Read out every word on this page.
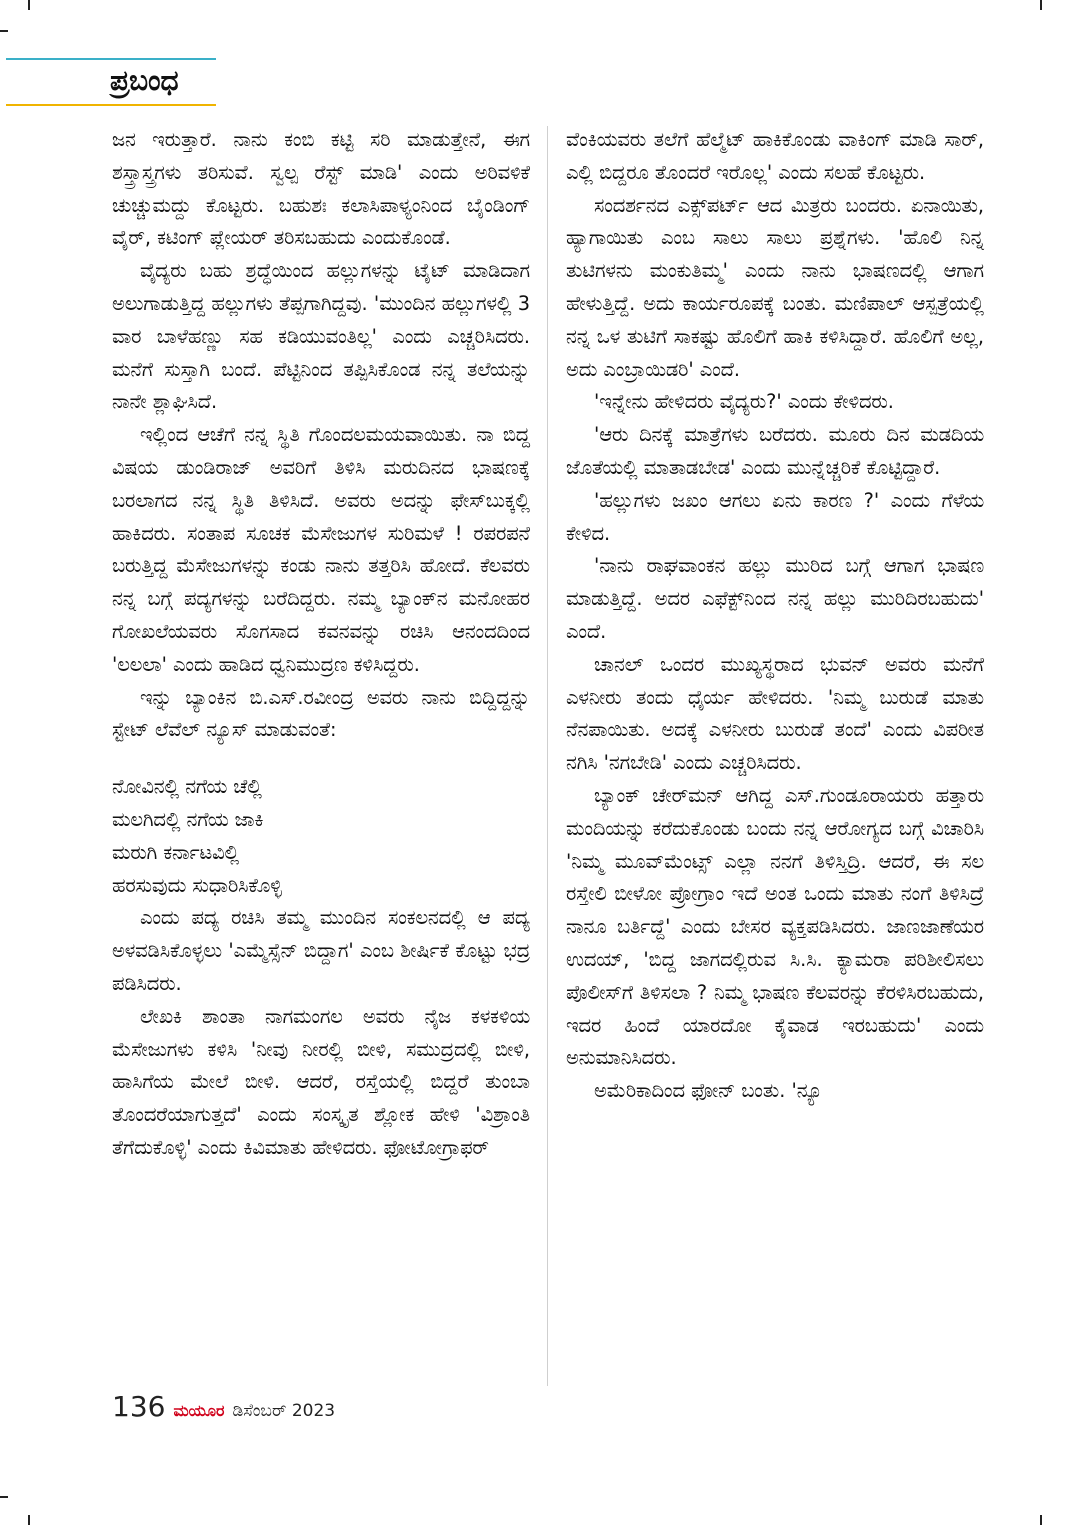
ಪ್ರಬಂಧ

ಜನ ಇರುತ್ತಾರೆ. ನಾನು ಕಂಬಿ ಕಟ್ಟಿ ಸರಿ ಮಾಡುತ್ತೇನೆ, ಈಗ ಶಸ್ತ್ರಾಸ್ತ್ರಗಳು ತರಿಸುವೆ. ಸ್ವಲ್ಪ ರೆಸ್ಟ್ ಮಾಡಿ' ಎಂದು ಅರಿವಳಿಕೆ ಚುಚ್ಚುಮದ್ದು ಕೊಟ್ಟರು. ಬಹುಶಃ ಕಲಾಸಿಪಾಳ್ಯಂನಿಂದ ಬೈಂಡಿಂಗ್ ವೈರ್, ಕಟಿಂಗ್ ಪ್ಲೇಯರ್ ತರಿಸಬಹುದು ಎಂದುಕೊಂಡೆ.

ವೈದ್ಯರು ಬಹು ಶ್ರದ್ಧೆಯಿಂದ ಹಲ್ಲುಗಳನ್ನು ಟೈಟ್ ಮಾಡಿದಾಗ ಅಲುಗಾಡುತ್ತಿದ್ದ ಹಲ್ಲುಗಳು ತೆಪ್ಪಗಾಗಿದ್ದವು. 'ಮುಂದಿನ ಹಲ್ಲುಗಳಲ್ಲಿ 3 ವಾರ ಬಾಳೆಹಣ್ಣು ಸಹ ಕಡಿಯುವಂತಿಲ್ಲ' ಎಂದು ಎಚ್ಚರಿಸಿದರು. ಮನೆಗೆ ಸುಸ್ತಾಗಿ ಬಂದೆ. ಪೆಟ್ಟಿನಿಂದ ತಪ್ಪಿಸಿಕೊಂಡ ನನ್ನ ತಲೆಯನ್ನು ನಾನೇ ಶ್ಲಾಘಿಸಿದೆ.

ಇಲ್ಲಿಂದ ಆಚೆಗೆ ನನ್ನ ಸ್ಥಿತಿ ಗೊಂದಲಮಯವಾಯಿತು. ನಾ ಬಿದ್ದ ವಿಷಯ ಡುಂಡಿರಾಜ್ ಅವರಿಗೆ ತಿಳಿಸಿ ಮರುದಿನದ ಭಾಷಣಕ್ಕೆ ಬರಲಾಗದ ನನ್ನ ಸ್ಥಿತಿ ತಿಳಿಸಿದೆ. ಅವರು ಅದನ್ನು ಫೇಸ್‌ಬುಕ್ಕಲ್ಲಿ ಹಾಕಿದರು. ಸಂತಾಪ ಸೂಚಕ ಮೆಸೇಜುಗಳ ಸುರಿಮಳೆ ! ರಪರಪನೆ ಬರುತ್ತಿದ್ದ ಮೆಸೇಜುಗಳನ್ನು ಕಂಡು ನಾನು ತತ್ತರಿಸಿ ಹೋದೆ. ಕೆಲವರು ನನ್ನ ಬಗ್ಗೆ ಪದ್ಯಗಳನ್ನು ಬರೆದಿದ್ದರು. ನಮ್ಮ ಬ್ಯಾಂಕ್‌ನ ಮನೋಹರ ಗೋಖಲೆಯವರು ಸೊಗಸಾದ ಕವನವನ್ನು ರಚಿಸಿ ಆನಂದದಿಂದ 'ಲಲಲಾ' ಎಂದು ಹಾಡಿದ ಧ್ವನಿಮುದ್ರಣ ಕಳಿಸಿದ್ದರು.

ಇನ್ನು ಬ್ಯಾಂಕಿನ ಬಿ.ಎಸ್.ರವೀಂದ್ರ ಅವರು ನಾನು ಬಿದ್ದಿದ್ದನ್ನು ಸ್ಟೇಟ್ ಲೆವೆಲ್ ನ್ಯೂಸ್ ಮಾಡುವಂತೆ:

ನೋವಿನಲ್ಲಿ ನಗೆಯ ಚೆಲ್ಲಿ
ಮಲಗಿದಲ್ಲಿ ನಗೆಯ ಜಾಕಿ
ಮರುಗಿ ಕರ್ನಾಟವಿಲ್ಲಿ
ಹರಸುವುದು ಸುಧಾರಿಸಿಕೊಳ್ಳಿ

ಎಂದು ಪದ್ಯ ರಚಿಸಿ ತಮ್ಮ ಮುಂದಿನ ಸಂಕಲನದಲ್ಲಿ ಆ ಪದ್ಯ ಅಳವಡಿಸಿಕೊಳ್ಳಲು 'ಎಮ್ಮೆಸ್ಸೆನ್ ಬಿದ್ದಾಗ' ಎಂಬ ಶೀರ್ಷಿಕೆ ಕೊಟ್ಟು ಭದ್ರ ಪಡಿಸಿದರು.

ಲೇಖಕಿ ಶಾಂತಾ ನಾಗಮಂಗಲ ಅವರು ನೈಜ ಕಳಕಳಿಯ ಮೆಸೇಜುಗಳು ಕಳಿಸಿ 'ನೀವು ನೀರಲ್ಲಿ ಬೀಳಿ, ಸಮುದ್ರದಲ್ಲಿ ಬೀಳಿ, ಹಾಸಿಗೆಯ ಮೇಲೆ ಬೀಳಿ. ಆದರೆ, ರಸ್ತೆಯಲ್ಲಿ ಬಿದ್ದರೆ ತುಂಬಾ ತೊಂದರೆಯಾಗುತ್ತದೆ' ಎಂದು ಸಂಸ್ಕೃತ ಶ್ಲೋಕ ಹೇಳಿ 'ವಿಶ್ರಾಂತಿ ತೆಗೆದುಕೊಳ್ಳಿ' ಎಂದು ಕಿವಿಮಾತು ಹೇಳಿದರು. ಫೋಟೋಗ್ರಾಫರ್

ವೆಂಕಿಯವರು ತಲೆಗೆ ಹೆಲ್ಮೆಟ್ ಹಾಕಿಕೊಂಡು ವಾಕಿಂಗ್ ಮಾಡಿ ಸಾರ್, ಎಲ್ಲಿ ಬಿದ್ದರೂ ತೊಂದರೆ ಇರೊಲ್ಲ' ಎಂದು ಸಲಹೆ ಕೊಟ್ಟರು.

ಸಂದರ್ಶನದ ಎಕ್ಸ್‌ಪರ್ಟ್ ಆದ ಮಿತ್ರರು ಬಂದರು. ಏನಾಯಿತು, ಹ್ಯಾಗಾಯಿತು ಎಂಬ ಸಾಲು ಸಾಲು ಪ್ರಶ್ನೆಗಳು. 'ಹೊಲಿ ನಿನ್ನ ತುಟಿಗಳನು ಮಂಕುತಿಮ್ಮ' ಎಂದು ನಾನು ಭಾಷಣದಲ್ಲಿ ಆಗಾಗ ಹೇಳುತ್ತಿದ್ದೆ. ಅದು ಕಾರ್ಯರೂಪಕ್ಕೆ ಬಂತು. ಮಣಿಪಾಲ್ ಆಸ್ಪತ್ರೆಯಲ್ಲಿ ನನ್ನ ಒಳ ತುಟಿಗೆ ಸಾಕಷ್ಟು ಹೊಲಿಗೆ ಹಾಕಿ ಕಳಿಸಿದ್ದಾರೆ. ಹೊಲಿಗೆ ಅಲ್ಲ, ಅದು ಎಂಬ್ರಾಯಿಡರಿ' ಎಂದೆ.

'ಇನ್ನೇನು ಹೇಳಿದರು ವೈದ್ಯರು?' ಎಂದು ಕೇಳಿದರು.

'ಆರು ದಿನಕ್ಕೆ ಮಾತ್ರೆಗಳು ಬರೆದರು. ಮೂರು ದಿನ ಮಡದಿಯ ಜೊತೆಯಲ್ಲಿ ಮಾತಾಡಬೇಡ' ಎಂದು ಮುನ್ನೆಚ್ಚರಿಕೆ ಕೊಟ್ಟಿದ್ದಾರೆ.

'ಹಲ್ಲುಗಳು ಜಖಂ ಆಗಲು ಏನು ಕಾರಣ ?' ಎಂದು ಗೆಳೆಯ ಕೇಳಿದ.

'ನಾನು ರಾಘವಾಂಕನ ಹಲ್ಲು ಮುರಿದ ಬಗ್ಗೆ ಆಗಾಗ ಭಾಷಣ ಮಾಡುತ್ತಿದ್ದೆ. ಅದರ ಎಫೆಕ್ಟ್‌ನಿಂದ ನನ್ನ ಹಲ್ಲು ಮುರಿದಿರಬಹುದು' ಎಂದೆ.

ಚಾನಲ್ ಒಂದರ ಮುಖ್ಯಸ್ಥರಾದ ಭುವನ್ ಅವರು ಮನೆಗೆ ಎಳನೀರು ತಂದು ಧೈರ್ಯ ಹೇಳಿದರು. 'ನಿಮ್ಮ ಬುರುಡೆ ಮಾತು ನೆನಪಾಯಿತು. ಅದಕ್ಕೆ ಎಳನೀರು ಬುರುಡೆ ತಂದೆ' ಎಂದು ವಿಪರೀತ ನಗಿಸಿ 'ನಗಬೇಡಿ' ಎಂದು ಎಚ್ಚರಿಸಿದರು.

ಬ್ಯಾಂಕ್ ಚೇರ್‌ಮನ್ ಆಗಿದ್ದ ಎಸ್.ಗುಂಡೂರಾಯರು ಹತ್ತಾರು ಮಂದಿಯನ್ನು ಕರೆದುಕೊಂಡು ಬಂದು ನನ್ನ ಆರೋಗ್ಯದ ಬಗ್ಗೆ ವಿಚಾರಿಸಿ 'ನಿಮ್ಮ ಮೂವ್‌ಮೆಂಟ್ಸ್ ಎಲ್ಲಾ ನನಗೆ ತಿಳಿಸ್ತಿದ್ರಿ. ಆದರೆ, ಈ ಸಲ ರಸ್ತೇಲಿ ಬೀಳೋ ಪ್ರೋಗ್ರಾಂ ಇದೆ ಅಂತ ಒಂದು ಮಾತು ನಂಗೆ ತಿಳಿಸಿದ್ರೆ ನಾನೂ ಬರ್ತಿದ್ದೆ' ಎಂದು ಬೇಸರ ವ್ಯಕ್ತಪಡಿಸಿದರು. ಜಾಣಜಾಣೆಯರ ಉದಯ್, 'ಬಿದ್ದ ಜಾಗದಲ್ಲಿರುವ ಸಿ.ಸಿ. ಕ್ಯಾಮರಾ ಪರಿಶೀಲಿಸಲು ಪೊಲೀಸ್‌ಗೆ ತಿಳಿಸಲಾ ? ನಿಮ್ಮ ಭಾಷಣ ಕೆಲವರನ್ನು ಕೆರಳಿಸಿರಬಹುದು, ಇದರ ಹಿಂದೆ ಯಾರದೋ ಕೈವಾಡ ಇರಬಹುದು' ಎಂದು ಅನುಮಾನಿಸಿದರು.

ಅಮೆರಿಕಾದಿಂದ ಫೋನ್ ಬಂತು. 'ನ್ಯೂ

136 ಮಯೂರ ಡಿಸೆಂಬರ್ 2023
